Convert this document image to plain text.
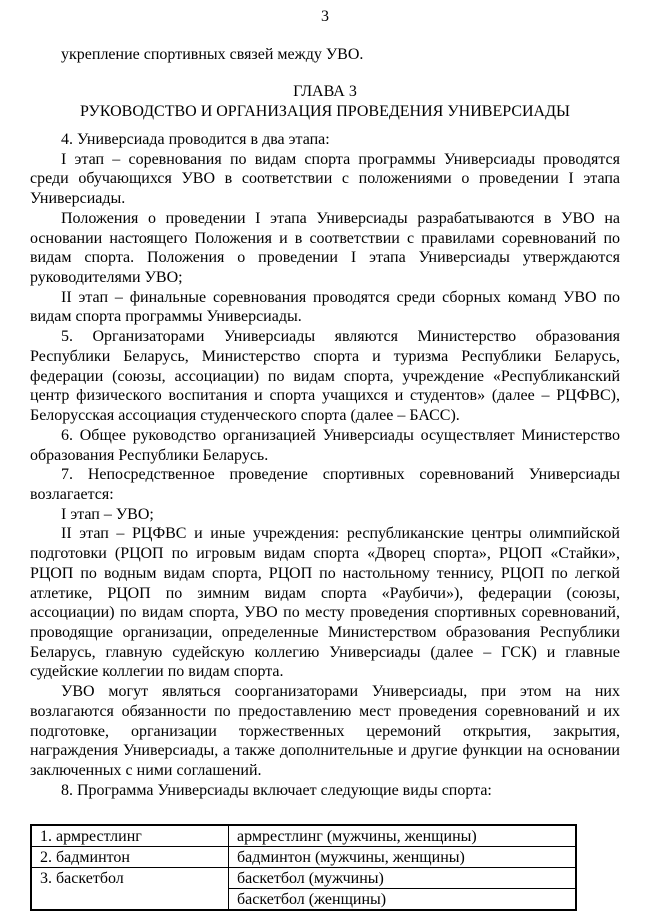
3

укрепление спортивных связей между УВО.

ГЛАВА 3
РУКОВОДСТВО И ОРГАНИЗАЦИЯ ПРОВЕДЕНИЯ УНИВЕРСИАДЫ

4. Универсиада проводится в два этапа:

I этап – соревнования по видам спорта программы Универсиады проводятся среди обучающихся УВО в соответствии с положениями о проведении I этапа Универсиады.

Положения о проведении I этапа Универсиады разрабатываются в УВО на основании настоящего Положения и в соответствии с правилами соревнований по видам спорта. Положения о проведении I этапа Универсиады утверждаются руководителями УВО;

II этап – финальные соревнования проводятся среди сборных команд УВО по видам спорта программы Универсиады.

5. Организаторами Универсиады являются Министерство образования Республики Беларусь, Министерство спорта и туризма Республики Беларусь, федерации (союзы, ассоциации) по видам спорта, учреждение «Республиканский центр физического воспитания и спорта учащихся и студентов» (далее – РЦФВС), Белорусская ассоциация студенческого спорта (далее – БАСС).

6. Общее руководство организацией Универсиады осуществляет Министерство образования Республики Беларусь.

7. Непосредственное проведение спортивных соревнований Универсиады возлагается:

I этап – УВО;

II этап – РЦФВС и иные учреждения: республиканские центры олимпийской подготовки (РЦОП по игровым видам спорта «Дворец спорта», РЦОП «Стайки», РЦОП по водным видам спорта, РЦОП по настольному теннису, РЦОП по легкой атлетике, РЦОП по зимним видам спорта «Раубичи»), федерации (союзы, ассоциации) по видам спорта, УВО по месту проведения спортивных соревнований, проводящие организации, определенные Министерством образования Республики Беларусь, главную судейскую коллегию Универсиады (далее – ГСК) и главные судейские коллегии по видам спорта.

УВО могут являться соорганизаторами Универсиады, при этом на них возлагаются обязанности по предоставлению мест проведения соревнований и их подготовке, организации торжественных церемоний открытия, закрытия, награждения Универсиады, а также дополнительные и другие функции на основании заключенных с ними соглашений.

8. Программа Универсиады включает следующие виды спорта:

1. армрестлинг	армрестлинг (мужчины, женщины)
2. бадминтон	бадминтон (мужчины, женщины)
3. баскетбол	баскетбол (мужчины)
	баскетбол (женщины)
